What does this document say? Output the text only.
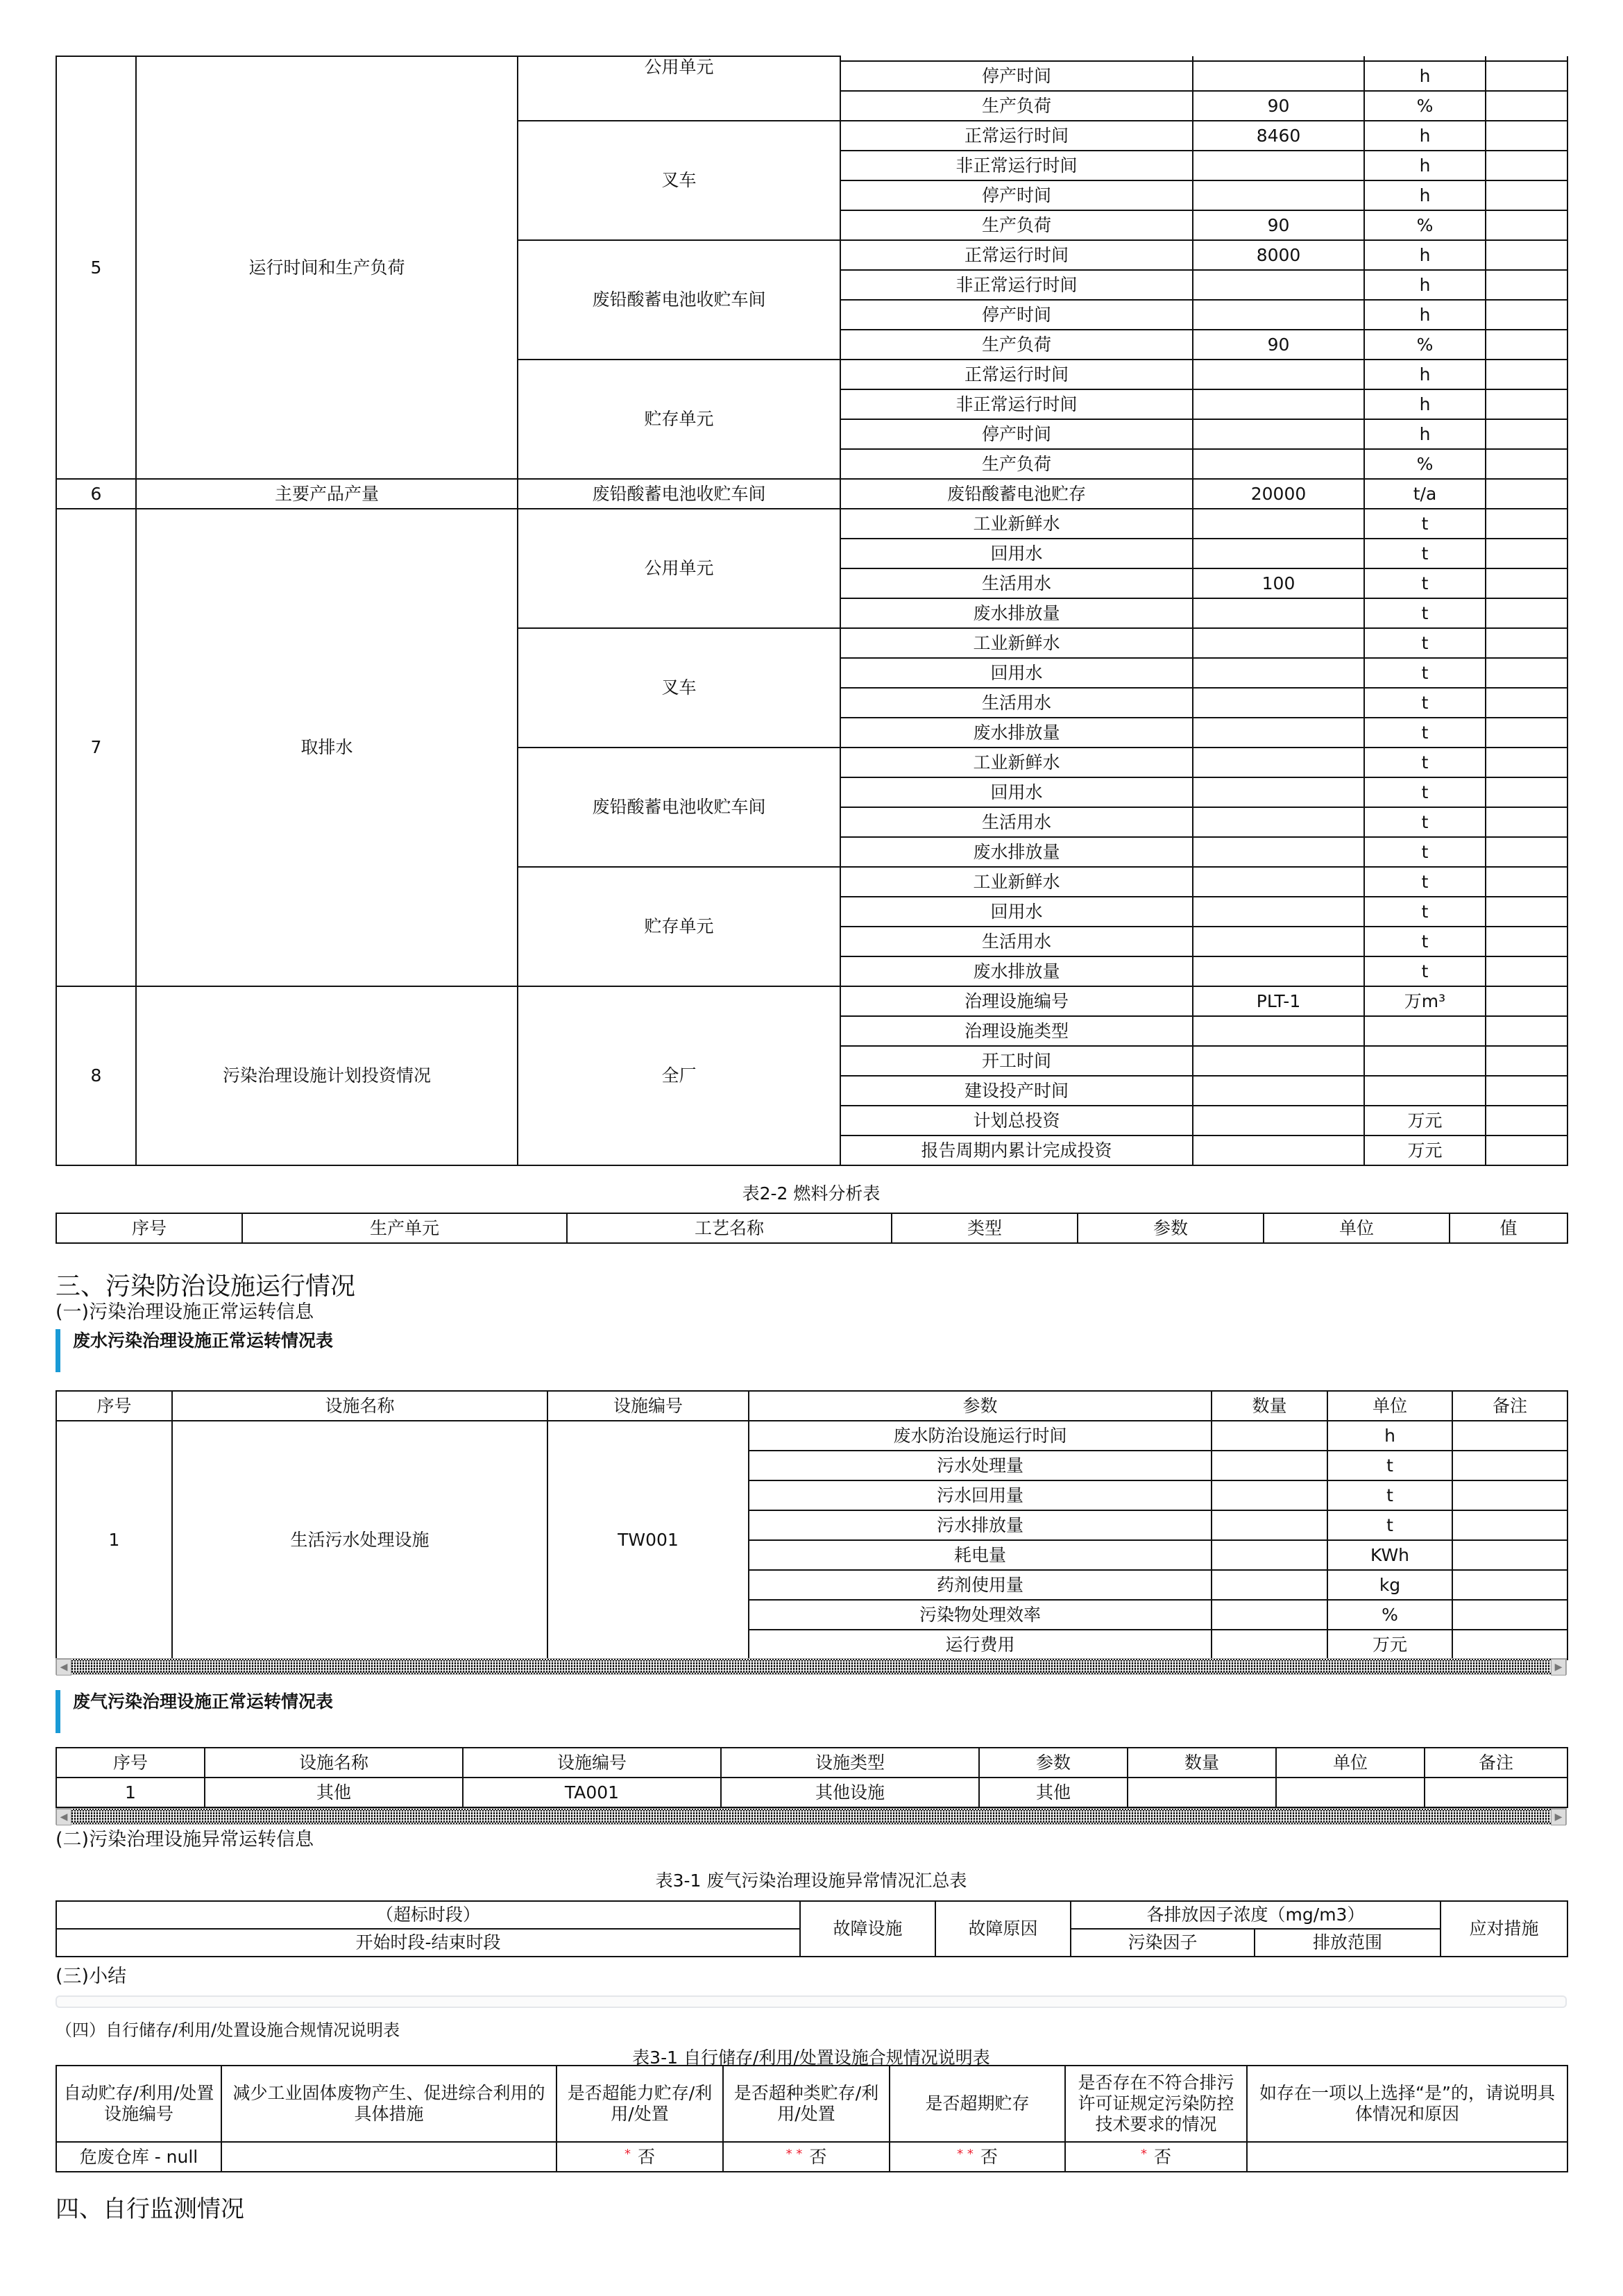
5	运行时间和生产负荷	公用单元				
			停产时间		h	
			生产负荷	90	%	
		叉车	正常运行时间	8460	h	
			非正常运行时间		h	
			停产时间		h	
			生产负荷	90	%	
		废铅酸蓄电池收贮车间	正常运行时间	8000	h	
			非正常运行时间		h	
			停产时间		h	
			生产负荷	90	%	
		贮存单元	正常运行时间		h	
			非正常运行时间		h	
			停产时间		h	
			生产负荷		%	
6	主要产品产量	废铅酸蓄电池收贮车间	废铅酸蓄电池贮存	20000	t/a	
7	取排水	公用单元	工业新鲜水		t	
			回用水		t	
			生活用水	100	t	
			废水排放量		t	
		叉车	工业新鲜水		t	
			回用水		t	
			生活用水		t	
			废水排放量		t	
		废铅酸蓄电池收贮车间	工业新鲜水		t	
			回用水		t	
			生活用水		t	
			废水排放量		t	
		贮存单元	工业新鲜水		t	
			回用水		t	
			生活用水		t	
			废水排放量		t	
8	污染治理设施计划投资情况	全厂	治理设施编号	PLT-1	万m³	
			治理设施类型			
			开工时间			
			建设投产时间			
			计划总投资		万元	
			报告周期内累计完成投资		万元	
表2-2 燃料分析表
序号	生产单元	工艺名称	类型	参数	单位	值
三、污染防治设施运行情况
(一)污染治理设施正常运转信息
废水污染治理设施正常运转情况表
序号	设施名称	设施编号	参数	数量	单位	备注
1	生活污水处理设施	TW001	废水防治设施运行时间		h	
			污水处理量		t	
			污水回用量		t	
			污水排放量		t	
			耗电量		KWh	
			药剂使用量		kg	
			污染物处理效率		%	
			运行费用		万元	
◀	▶
废气污染治理设施正常运转情况表
序号	设施名称	设施编号	设施类型	参数	数量	单位	备注
1	其他	TA001	其他设施	其他			
◀	▶
(二)污染治理设施异常运转信息
表3-1 废气污染治理设施异常情况汇总表
（超标时段）	故障设施	故障原因	各排放因子浓度（mg/m3）		应对措施
开始时段-结束时段			污染因子	排放范围	
(三)小结
（四）自行储存/利用/处置设施合规情况说明表
表3-1 自行储存/利用/处置设施合规情况说明表
自动贮存/利用/处置设施编号	减少工业固体废物产生、促进综合利用的具体措施	是否超能力贮存/利用/处置	是否超种类贮存/利用/处置	是否超期贮存	是否存在不符合排污许可证规定污染防控技术要求的情况	如存在一项以上选择“是”的，请说明具体情况和原因
危废仓库 - null		* 否	* * 否	* * 否	* 否	
四、自行监测情况
